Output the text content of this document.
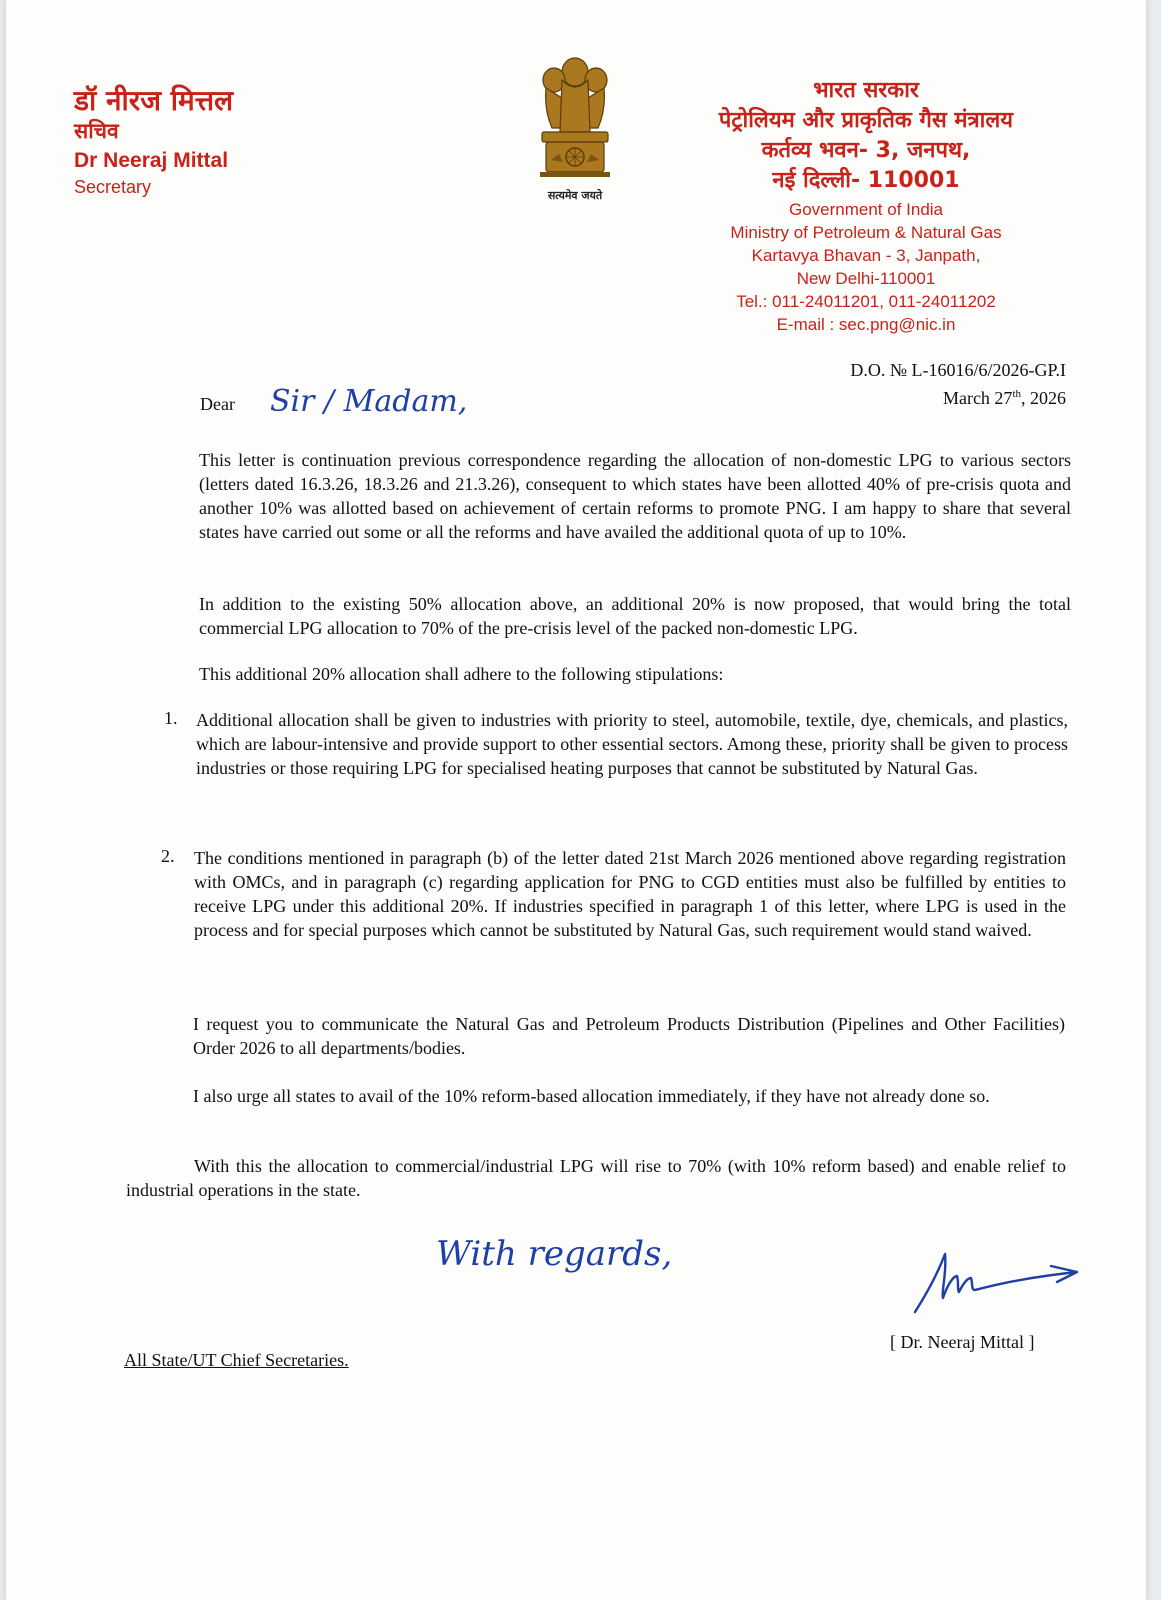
डॉ नीरज मित्तल
सचिव
Dr Neeraj Mittal
Secretary	सत्यमेव जयते
भारत सरकार
पेट्रोलियम और प्राकृतिक गैस मंत्रालय
कर्तव्य भवन- 3, जनपथ,
नई दिल्ली- 110001
Government of India
Ministry of Petroleum & Natural Gas
Kartavya Bhavan - 3, Janpath,
New Delhi-110001
Tel.: 011-24011201, 011-24011202
E-mail : sec.png@nic.in
D.O. № L-16016/6/2026-GP.I
March 27th, 2026
Dear Sir / Madam,

This letter is continuation previous correspondence regarding the allocation of non-domestic LPG to various sectors (letters dated 16.3.26, 18.3.26 and 21.3.26), consequent to which states have been allotted 40% of pre-crisis quota and another 10% was allotted based on achievement of certain reforms to promote PNG. I am happy to share that several states have carried out some or all the reforms and have availed the additional quota of up to 10%.

In addition to the existing 50% allocation above, an additional 20% is now proposed, that would bring the total commercial LPG allocation to 70% of the pre-crisis level of the packed non-domestic LPG.

This additional 20% allocation shall adhere to the following stipulations:

1. Additional allocation shall be given to industries with priority to steel, automobile, textile, dye, chemicals, and plastics, which are labour-intensive and provide support to other essential sectors. Among these, priority shall be given to process industries or those requiring LPG for specialised heating purposes that cannot be substituted by Natural Gas.

2. The conditions mentioned in paragraph (b) of the letter dated 21st March 2026 mentioned above regarding registration with OMCs, and in paragraph (c) regarding application for PNG to CGD entities must also be fulfilled by entities to receive LPG under this additional 20%. If industries specified in paragraph 1 of this letter, where LPG is used in the process and for special purposes which cannot be substituted by Natural Gas, such requirement would stand waived.

I request you to communicate the Natural Gas and Petroleum Products Distribution (Pipelines and Other Facilities) Order 2026 to all departments/bodies.

I also urge all states to avail of the 10% reform-based allocation immediately, if they have not already done so.

With this the allocation to commercial/industrial LPG will rise to 70% (with 10% reform based) and enable relief to industrial operations in the state.

With regards,
[ Dr. Neeraj Mittal ]
All State/UT Chief Secretaries.
